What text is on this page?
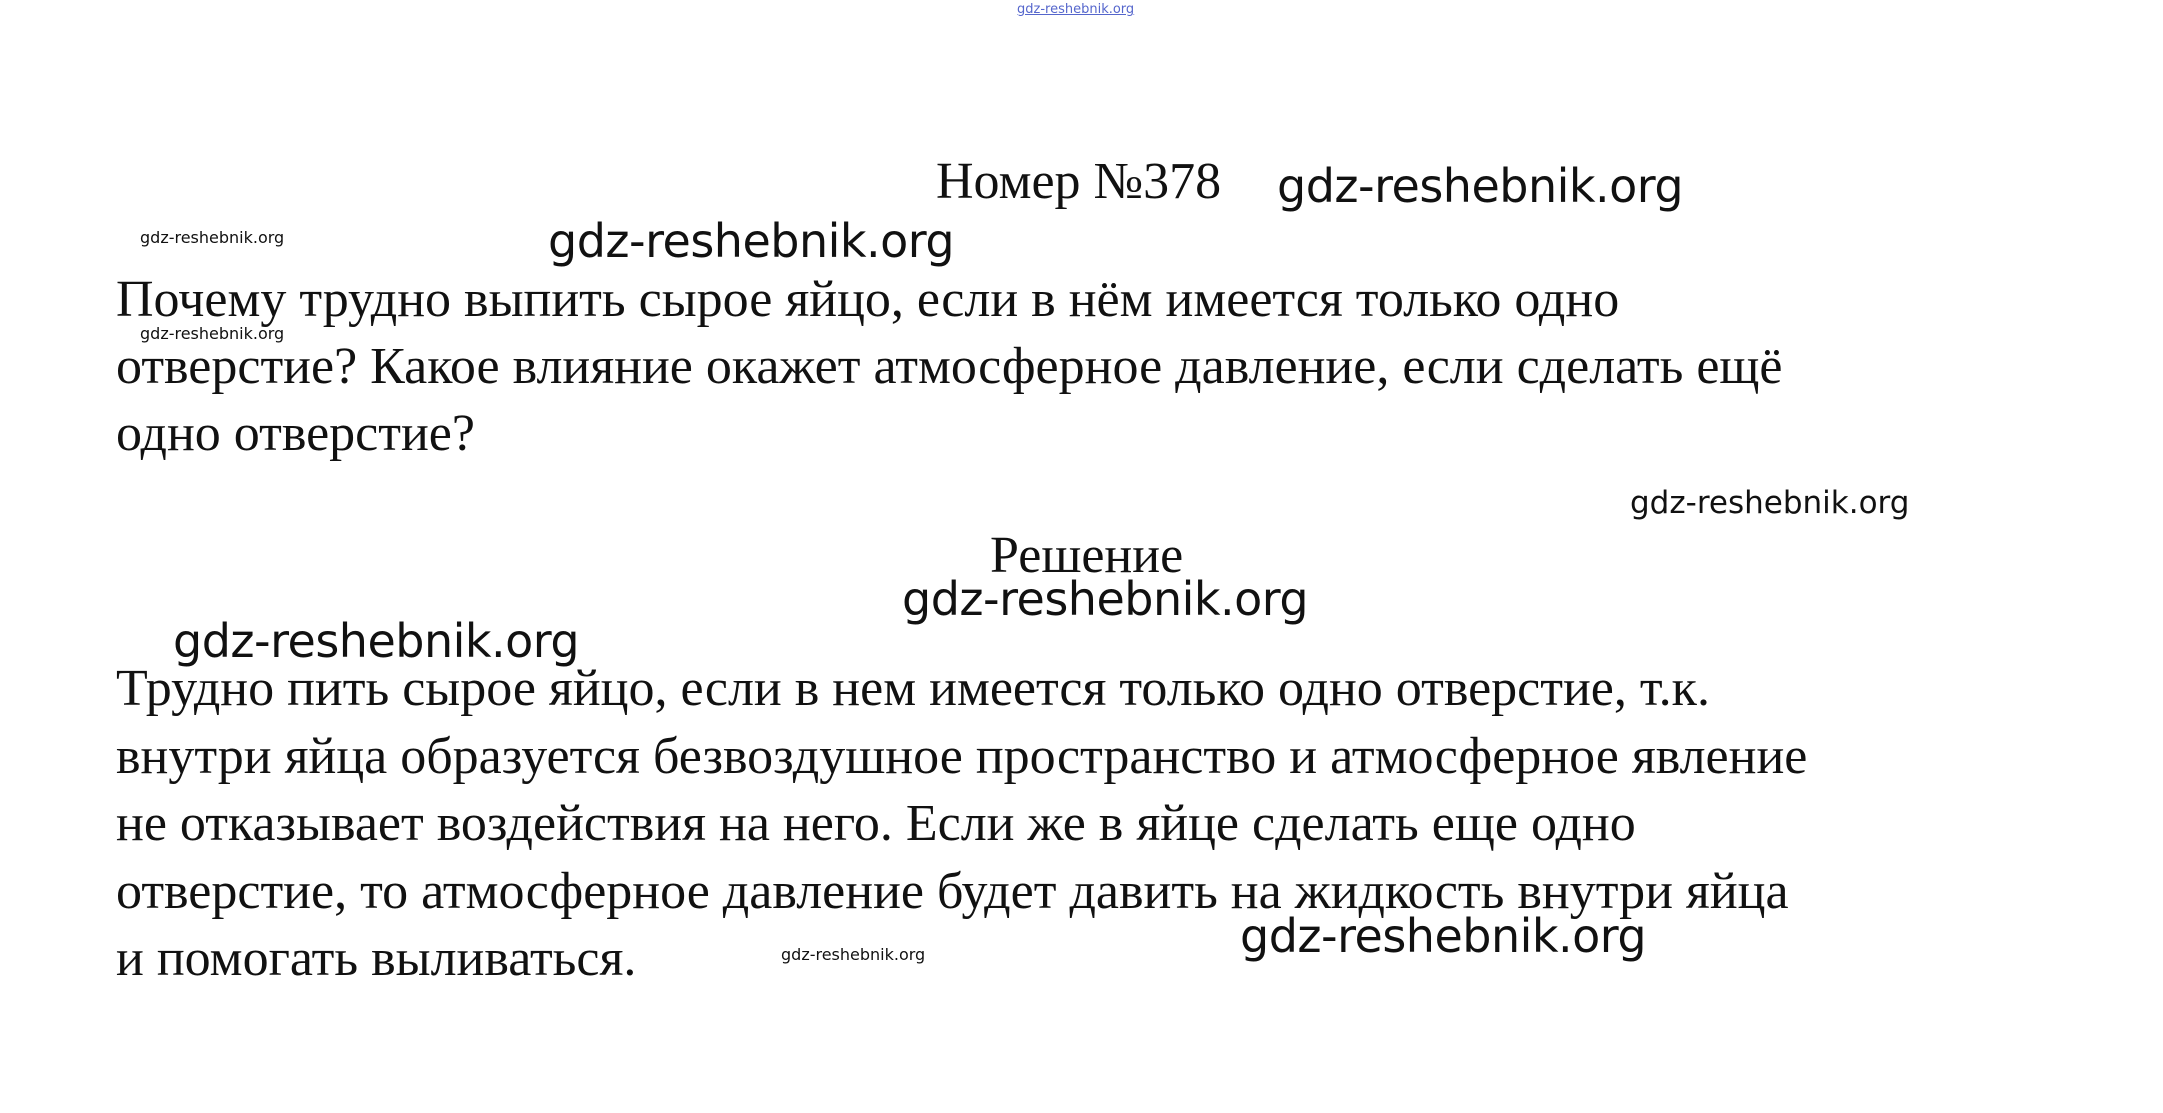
gdz-reshebnik.org
Номер №378

Почему трудно выпить сырое яйцо, если в нём имеется только одно
отверстие? Какое влияние окажет атмосферное давление, если сделать ещё
одно отверстие?

Решение

Трудно пить сырое яйцо, если в нем имеется только одно отверстие, т.к.
внутри яйца образуется безвоздушное пространство и атмосферное явление
не отказывает воздействия на него. Если же в яйце сделать еще одно
отверстие, то атмосферное давление будет давить на жидкость внутри яйца
и помогать выливаться.

gdz-reshebnik.org
gdz-reshebnik.org	gdz-reshebnik.org
gdz-reshebnik.org
gdz-reshebnik.org
gdz-reshebnik.org
gdz-reshebnik.org
gdz-reshebnik.org	gdz-reshebnik.org
